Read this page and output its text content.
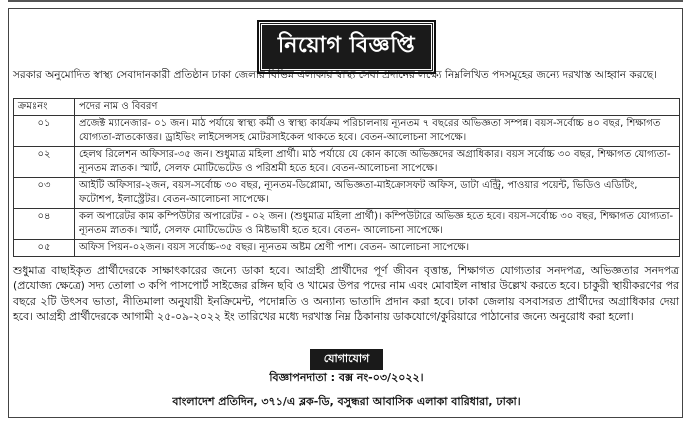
নিয়োগ বিজ্ঞপ্তি
সরকার অনুমোদিত স্বাস্থ্য সেবাদানকারী প্রতিষ্ঠান ঢাকা জেলার বিভিন্ন এলাকায় স্বাস্থ্য সেবা প্রদানের লক্ষ্যে নিম্নলিখিত পদসমূহের জন্যে দরখাস্ত আহ্বান করছে।
ক্রমঃনং	পদের নাম ও বিবরণ
০১	প্রজেক্ট ম্যানেজার- ০১ জন। মাঠ পর্যায়ে স্বাস্থ্য কর্মী ও স্বাস্থ্য কার্যক্রম পরিচালনায় ন্যূনতম ৭ বছরের অভিজ্ঞতা সম্পন্ন। বয়স-সর্বোচ্চ ৪০ বছর, শিক্ষাগত যোগ্যতা-স্নাতকোত্তর। ড্রাইভিং লাইসেন্সসহ মোটরসাইকেল থাকতে হবে। বেতন-আলোচনা সাপেক্ষে।
০২	হেলথ রিলেশন অফিসার-৩৫ জন। শুধুমাত্র মহিলা প্রার্থী। মাঠ পর্যায়ে যে কোন কাজে অভিজ্ঞদের অগ্রাধিকার। বয়স সর্বোচ্চ ৩০ বছর, শিক্ষাগত যোগ্যতা-ন্যূনতম স্নাতক। স্মার্ট, সেলফ মোটিভেটেড ও পরিশ্রমী হতে হবে। বেতন-আলোচনা সাপেক্ষে।
০৩	আইটি অফিসার-২জন, বয়স-সর্বোচ্চ ৩০ বছর, ন্যূনতম-ডিপ্লোমা, অভিজ্ঞতা-মাইক্রোসফট অফিস, ডাটা এন্ট্রি, পাওয়ার পয়েন্ট, ভিডিও এডিটিং, ফটোশপ, ইলাস্ট্রেটর। বেতন-আলোচনা সাপেক্ষে।
০৪	কল অপারেটর কাম কম্পিউটার অপারেটর - ০২ জন। (শুধুমাত্র মহিলা প্রার্থী)। কম্পিউটারে অভিজ্ঞ হতে হবে। বয়স-সর্বোচ্চ ৩০ বছর, শিক্ষাগত যোগ্যতা-ন্যূনতম স্নাতক। স্মার্ট, সেলফ মোটিভেটেড ও মিষ্টভাষী হতে হবে। বেতন- আলোচনা সাপেক্ষে।
০৫	অফিস পিয়ন-০২জন। বয়স সর্বোচ্চ-৩৫ বছর। ন্যূনতম অষ্টম শ্রেণী পাশ। বেতন- আলোচনা সাপেক্ষে।
শুধুমাত্র বাছাইকৃত প্রার্থীদেরকে সাক্ষাৎকারের জন্যে ডাকা হবে। আগ্রহী প্রার্থীদের পূর্ণ জীবন বৃত্তান্ত, শিক্ষাগত যোগ্যতার সনদপত্র, অভিজ্ঞতার সনদপত্র (প্রযোজ্য ক্ষেত্রে) সদ্য তোলা ৩ কপি পাসপোর্ট সাইজের রঙ্গিন ছবি ও খামের উপর পদের নাম এবং মোবাইল নাম্বার উল্লেখ করতে হবে। চাকুরী স্থায়ীকরণের পর বছরে ২টি উৎসব ভাতা, নীতিমালা অনুযায়ী ইনক্রিমেন্ট, পদোন্নতি ও অন্যান্য ভাতাদি প্রদান করা হবে। ঢাকা জেলায় বসবাসরত প্রার্থীদের অগ্রাধিকার দেয়া হবে। আগ্রহী প্রার্থীদেরকে আগামী ২৫-০৯-২০২২ ইং তারিখের মধ্যে দরখাস্ত নিম্ন ঠিকানায় ডাকযোগে/কুরিয়ারে পাঠানোর জন্যে অনুরোধ করা হলো।
যোগাযোগ
বিজ্ঞাপনদাতা : বক্স নং-০৩/২০২২।
বাংলাদেশ প্রতিদিন, ৩৭১/এ ব্লক-ডি, বসুন্ধরা আবাসিক এলাকা বারিধারা, ঢাকা।
